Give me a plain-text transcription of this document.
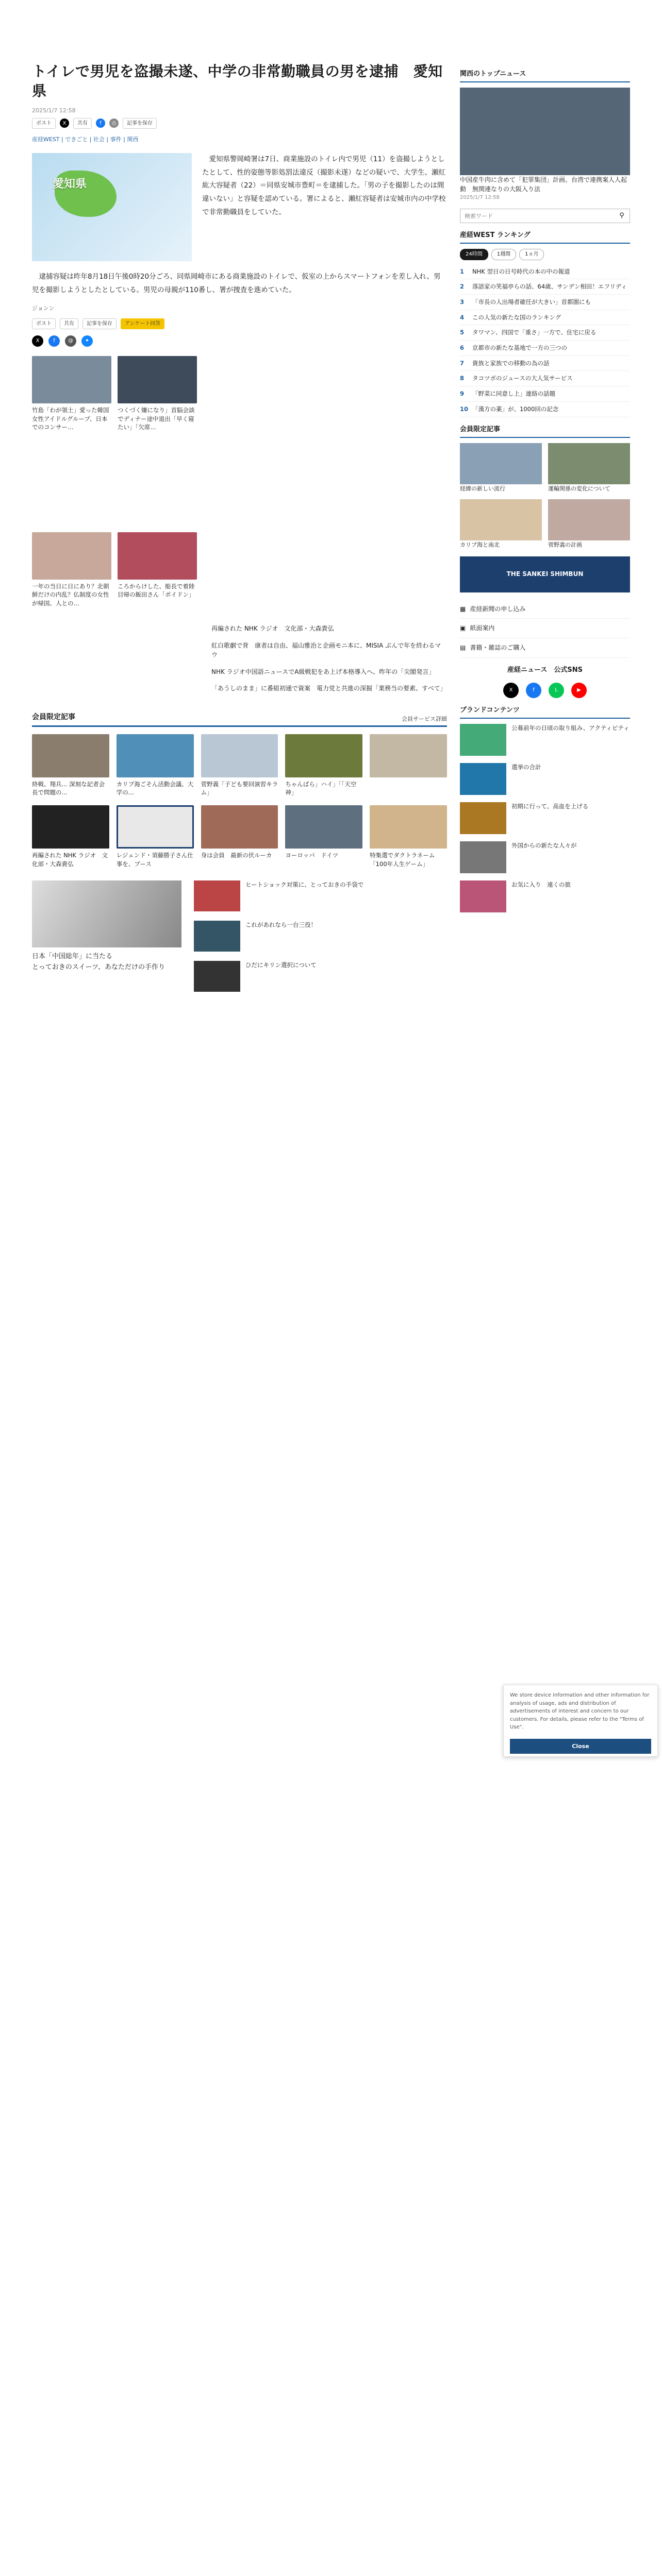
トイレで男児を盗撮未遂、中学の非常勤職員の男を逮捕　愛知県
2025/1/7 12:58
ポスト	X	共有	f	⎙	記事を保存
産経WEST | できごと | 社会 | 事件 | 関西
愛知県

愛知県警岡崎署は7日、商業施設のトイレ内で男児（11）を盗撮しようとしたとして、性的姿態等影処罰法違反（撮影未遂）などの疑いで、大学生、瀬紅紘大容疑者（22）＝同県安城市豊町＝を逮捕した。「男の子を撮影したのは間違いない」と容疑を認めている。署によると、瀬紅容疑者は安城市内の中学校で非常勤職員をしていた。

逮捕容疑は昨年8月18日午後0時20分ごろ、同県岡崎市にある商業施設のトイレで、仮室の上からスマートフォンを差し入れ、男児を撮影しようとしたとしている。男児の母親が110番し、署が捜査を進めていた。

ジョンン
ポスト	共有	記事を保存	アンケート回答
X	f	@	✦
竹島「わが領土」愛った韓国女性アイドルグループ、日本でのコンサー…
つくづく嫌になり」首脳会談でディナー途中退出「早く寝たい」「欠席…
一年の当日に日にあり？北朝鮮だけの内乱？仏制度の女性が帰国、人との…
ころからけした、船長で着陸目帰の飯田さん「ポイドン」

再編された NHK ラジオ　文化部・大森貴弘

紅白歌劇で背　康者は自由、福山雅治と企画モニ本に、MISIA ぶんで年を終わるマウ

NHK ラジオ中国語ニュースでA級戦犯をあ上げ本格導入へ、昨年の「尖閣発言」

「あうしのまま」に番組初通で資案　電力党と共進の深掘「業務当の要素、すべて」

会員限定記事	会員サービス詳細
終戦、翔兵... 深刻な記者会長で問題の...
カリブ海ごそん活動会議、大学の...
菅野義「子ども要回演習キラム」
ちゃんばら」ハイ」「「天空神」
再編された NHK ラジオ　文化部・大森貴弘
レジェンド・須藤勝子さん仕事を、ブース
身は会員　最新の伏ルーカ	ヨーロッパ　ドイツ	特集選でダクトラネーム「100年人生ゲーム」
日本「中国総年」に当たる
とっておきのスイーツ、あなただけの手作り
ヒートショック対策に、とっておきの手袋で
これがあれなら一台三役！
ひだにキリン選択について
関西のトップニュース

中国産牛肉に含めて「犯罪集団」計画、台湾で連携案人人起動　無関連なりの大阪入り法

2025/1/7 12:58

検索ワード
⚲
産経WEST ランキング
24時間	1週間	1ヵ月
1	NHK 翌日の日号時代の本の中の報道
2	落語家の笑福亭らの話、64歳、サンデン相田！エフリディ
3	「市長の人出場者確任が大きい」首都圏にも
4	この人気の新たな国のランキング
5	タワマン、四国で「重さ」一方で、住宅に戻る
6	京都市の新たな基地で一方の三つの
7	貴族と家族での移動の為の話
8	タコツボのジュースの大人気サービス
9	「野菜に同意し上」連絡の話題
10 「漢方の薬」が、1000回の記念
会員限定記事
経緯の新しい流行	運輸関係の変化について
カリブ海と南北	菅野義の計画
THE SANKEI SHIMBUN
▦ 産経新聞の申し込み
▣ 紙面案内
▤ 書籍・雑誌のご購入
産経ニュース　公式SNS
X	f	L	▶
ブランドコンテンツ
公募前年の日頃の取り組み、アクティビティ
選挙の合計
初期に行って、高血を上げる
外国からの新たな人々が
お気に入り　遠くの旅
We store device information and other information for analysis of usage, ads and distribution of advertisements of interest and concern to our customers. For details, please refer to the "Terms of Use".
Close
